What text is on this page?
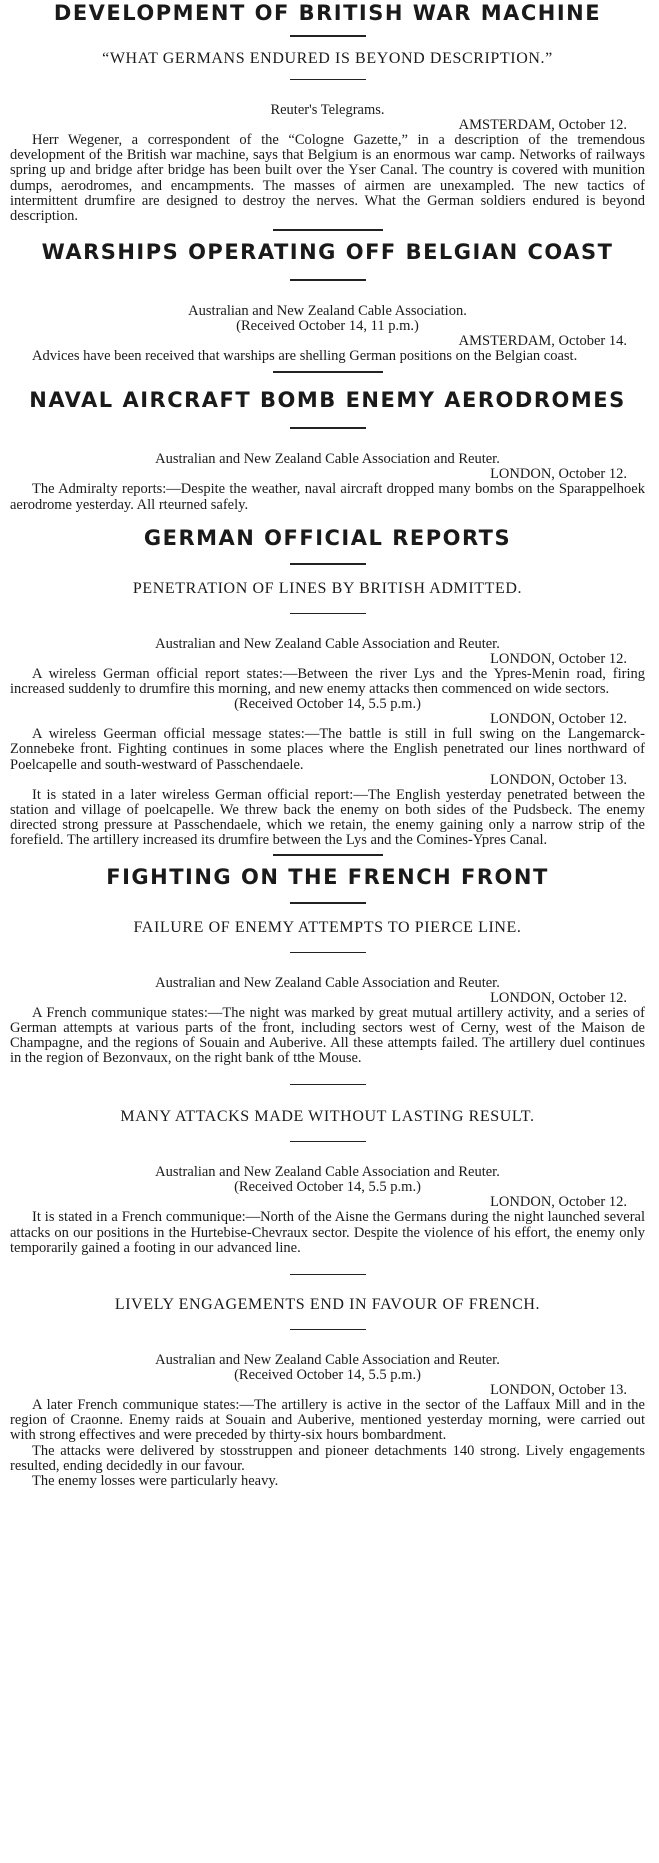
DEVELOPMENT OF BRITISH WAR MACHINE

“WHAT GERMANS ENDURED IS BEYOND DESCRIPTION.”

Reuter's Telegrams.

AMSTERDAM, October 12.

Herr Wegener, a correspondent of the “Cologne Gazette,” in a description of the tremendous development of the British war machine, says that Belgium is an enormous war camp. Networks of railways spring up and bridge after bridge has been built over the Yser Canal. The country is covered with munition dumps, aerodromes, and encampments. The masses of airmen are unexampled. The new tactics of intermittent drumfire are designed to destroy the nerves. What the German soldiers endured is beyond description.

WARSHIPS OPERATING OFF BELGIAN COAST

Australian and New Zealand Cable Association.

(Received October 14, 11 p.m.)

AMSTERDAM, October 14.

Advices have been received that warships are shelling German positions on the Belgian coast.

NAVAL AIRCRAFT BOMB ENEMY AERODROMES

Australian and New Zealand Cable Association and Reuter.

LONDON, October 12.

The Admiralty reports:—Despite the weather, naval aircraft dropped many bombs on the Sparappelhoek aerodrome yesterday. All rteurned safely.

GERMAN OFFICIAL REPORTS

PENETRATION OF LINES BY BRITISH ADMITTED.

Australian and New Zealand Cable Association and Reuter.

LONDON, October 12.

A wireless German official report states:—Between the river Lys and the Ypres-Menin road, firing increased suddenly to drumfire this morning, and new enemy attacks then commenced on wide sectors.

(Received October 14, 5.5 p.m.)

LONDON, October 12.

A wireless Geerman official message states:—The battle is still in full swing on the Langemarck-Zonnebeke front. Fighting continues in some places where the English penetrated our lines northward of Poelcapelle and south-westward of Passchendaele.

LONDON, October 13.

It is stated in a later wireless German official report:—The English yesterday penetrated between the station and village of poelcapelle. We threw back the enemy on both sides of the Pudsbeck. The enemy directed strong pressure at Passchendaele, which we retain, the enemy gaining only a narrow strip of the forefield. The artillery increased its drumfire between the Lys and the Comines-Ypres Canal.

FIGHTING ON THE FRENCH FRONT

FAILURE OF ENEMY ATTEMPTS TO PIERCE LINE.

Australian and New Zealand Cable Association and Reuter.

LONDON, October 12.

A French communique states:—The night was marked by great mutual artillery activity, and a series of German attempts at various parts of the front, including sectors west of Cerny, west of the Maison de Champagne, and the regions of Souain and Auberive. All these attempts failed. The artillery duel continues in the region of Bezonvaux, on the right bank of tthe Mouse.

MANY ATTACKS MADE WITHOUT LASTING RESULT.

Australian and New Zealand Cable Association and Reuter.

(Received October 14, 5.5 p.m.)

LONDON, October 12.

It is stated in a French communique:—North of the Aisne the Germans during the night launched several attacks on our positions in the Hurtebise-Chevraux sector. Despite the violence of his effort, the enemy only temporarily gained a footing in our advanced line.

LIVELY ENGAGEMENTS END IN FAVOUR OF FRENCH.

Australian and New Zealand Cable Association and Reuter.

(Received October 14, 5.5 p.m.)

LONDON, October 13.

A later French communique states:—The artillery is active in the sector of the Laffaux Mill and in the region of Craonne. Enemy raids at Souain and Auberive, mentioned yesterday morning, were carried out with strong effectives and were preceded by thirty-six hours bombardment.

The attacks were delivered by stosstruppen and pioneer detachments 140 strong. Lively engagements resulted, ending decidedly in our favour.

The enemy losses were particularly heavy.
